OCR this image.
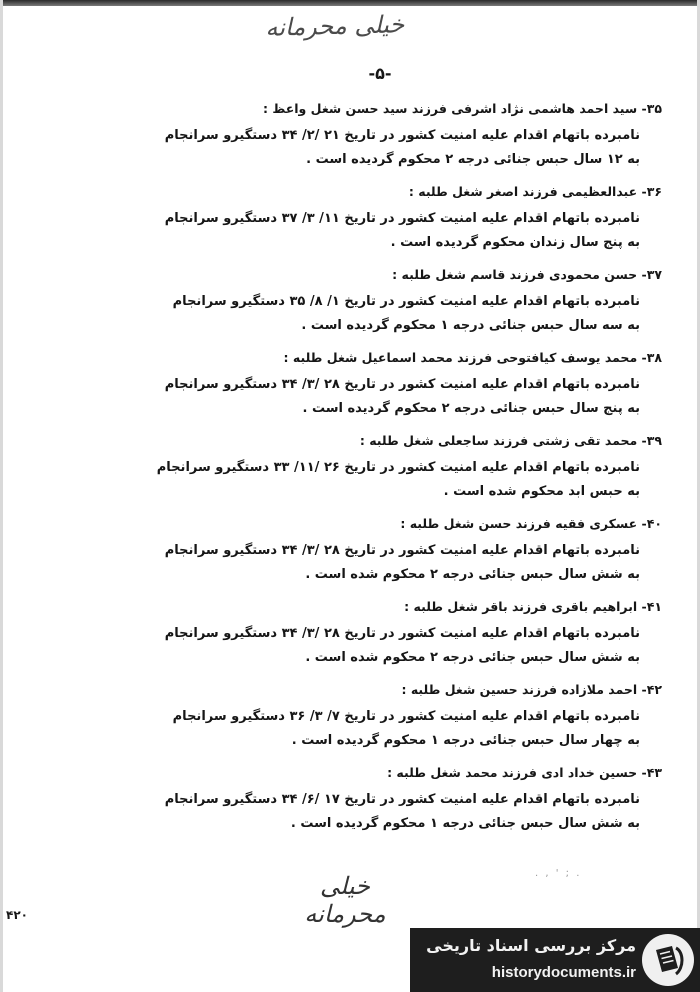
خیلی محرمانه
-۵-
۳۵- سید احمد هاشمی نژاد اشرفی فرزند سید حسن شغل واعظ :
نامبرده باتهام اقدام علیه امنیت کشور در تاریخ ۲۱ /۲/ ۳۴ دستگیرو سرانجام
به ۱۲ سال حبس جنائی درجه ۲ محکوم گردیده است .
۳۶- عبدالعظیمی فرزند اصغر شغل طلبه :
نامبرده باتهام اقدام علیه امنیت کشور در تاریخ ۱۱/ ۳/ ۳۷ دستگیرو سرانجام
به پنج سال زندان محکوم گردیده است .
۳۷- حسن محمودی فرزند قاسم شغل طلبه :
نامبرده باتهام اقدام علیه امنیت کشور در تاریخ ۱/ ۸/ ۳۵ دستگیرو سرانجام
به سه سال حبس جنائی درجه ۱ محکوم گردیده است .
۳۸- محمد یوسف کیافتوحی فرزند محمد اسماعیل شغل طلبه :
نامبرده باتهام اقدام علیه امنیت کشور در تاریخ ۲۸ /۳/ ۳۴ دستگیرو سرانجام
به پنج سال حبس جنائی درجه ۲ محکوم گردیده است .
۳۹- محمد تقی زشتی فرزند ساجعلی شغل طلبه :
نامبرده باتهام اقدام علیه امنیت کشور در تاریخ ۲۶ /۱۱/ ۳۳ دستگیرو سرانجام
به حبس ابد محکوم شده است .
۴۰- عسکری فقیه فرزند حسن شغل طلبه :
نامبرده باتهام اقدام علیه امنیت کشور در تاریخ ۲۸ /۳/ ۳۴ دستگیرو سرانجام
به شش سال حبس جنائی درجه ۲ محکوم شده است .
۴۱- ابراهیم باقری فرزند باقر شغل طلبه :
نامبرده باتهام اقدام علیه امنیت کشور در تاریخ ۲۸ /۳/ ۳۴ دستگیرو سرانجام
به شش سال حبس جنائی درجه ۲ محکوم شده است .
۴۲- احمد ملازاده فرزند حسین شغل طلبه :
نامبرده باتهام اقدام علیه امنیت کشور در تاریخ ۷/ ۳/ ۳۶ دستگیرو سرانجام
به چهار سال حبس جنائی درجه ۱ محکوم گردیده است .
۴۳- حسین خداد ادی فرزند محمد شغل طلبه :
نامبرده باتهام اقدام علیه امنیت کشور در تاریخ ۱۷ /۶/ ۳۴ دستگیرو سرانجام
به شش سال حبس جنائی درجه ۱ محکوم گردیده است .
. , ' ; .
خیلی محرمانه
۴۲۰
مرکز بررسی اسناد تاریخی
historydocuments.ir
